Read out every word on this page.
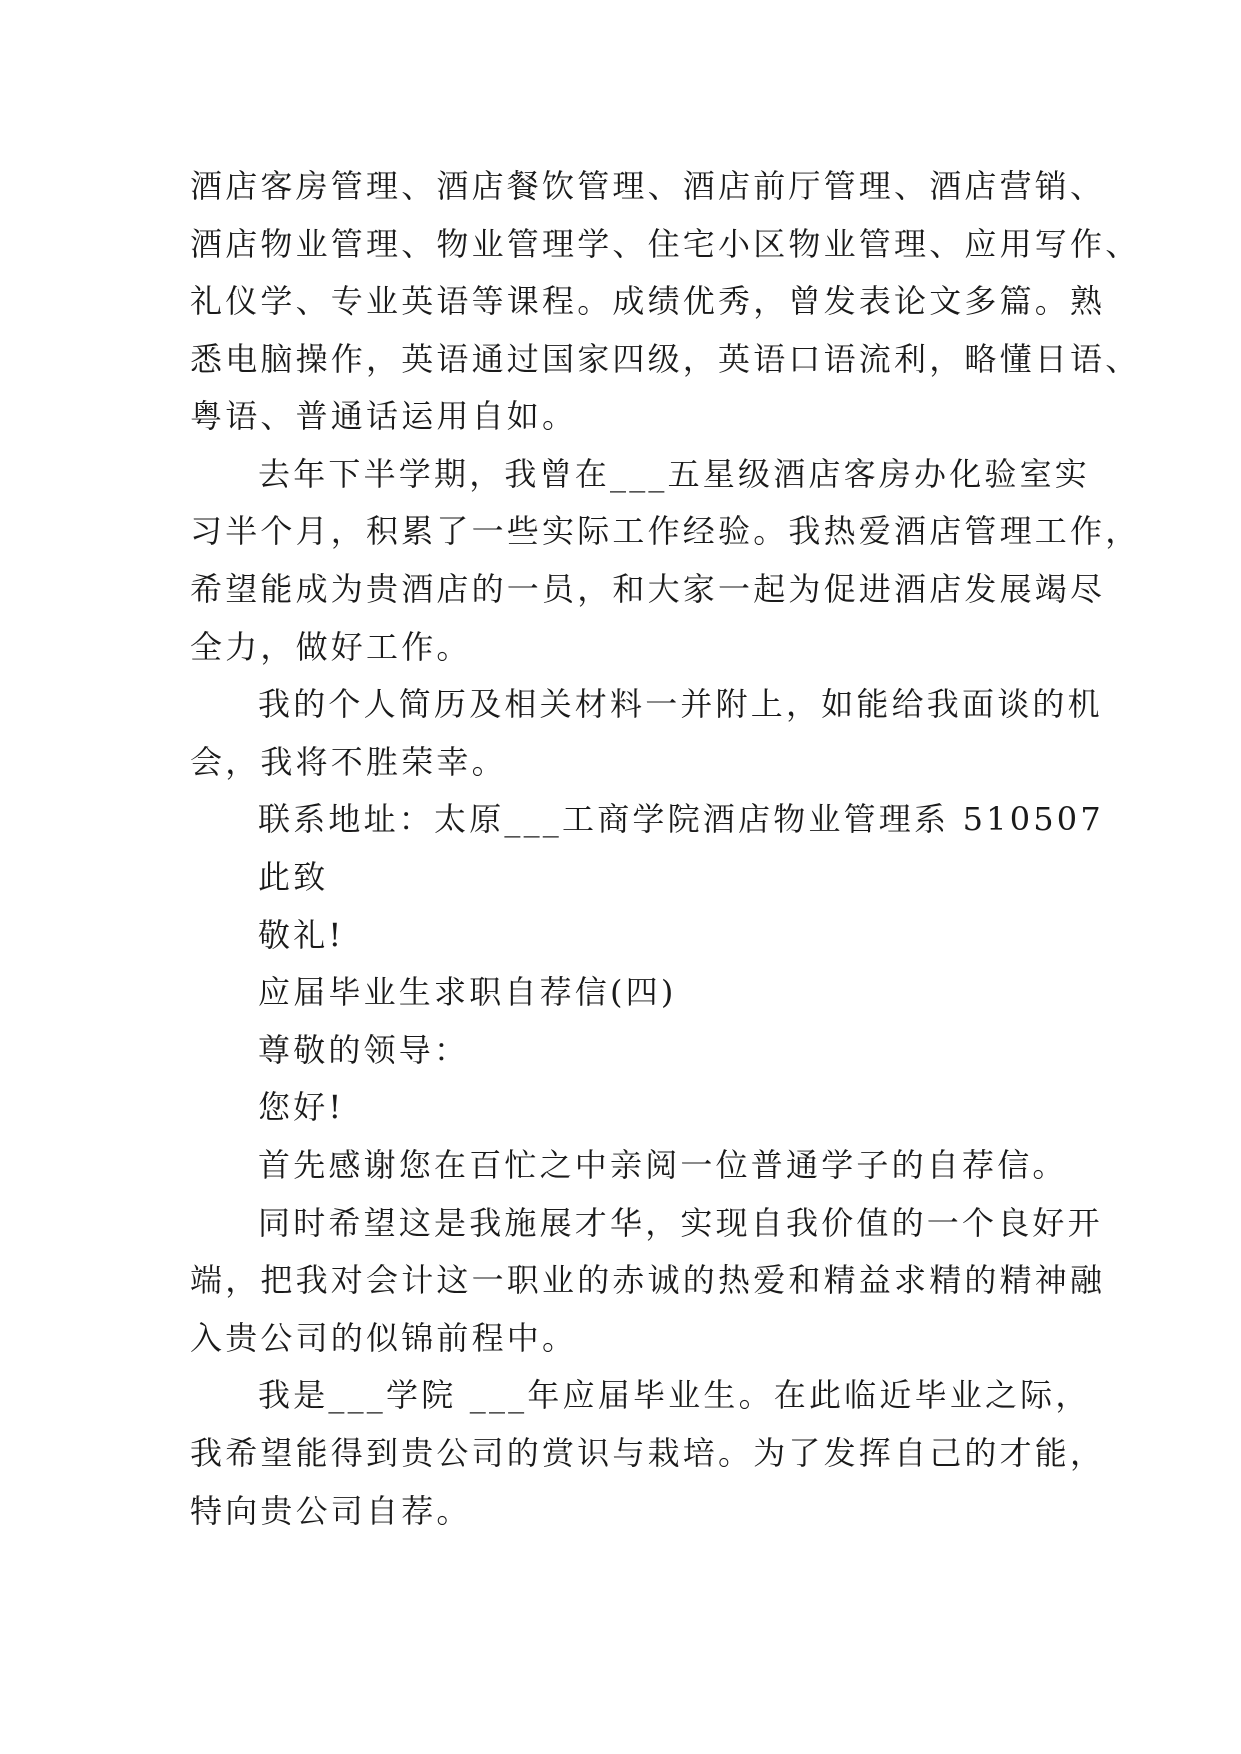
酒店客房管理、酒店餐饮管理、酒店前厅管理、酒店营销、
酒店物业管理、物业管理学、住宅小区物业管理、应用写作、
礼仪学、专业英语等课程。成绩优秀，曾发表论文多篇。熟
悉电脑操作，英语通过国家四级，英语口语流利，略懂日语、
粤语、普通话运用自如。
去年下半学期，我曾在___五星级酒店客房办化验室实
习半个月，积累了一些实际工作经验。我热爱酒店管理工作，
希望能成为贵酒店的一员，和大家一起为促进酒店发展竭尽
全力，做好工作。
我的个人简历及相关材料一并附上，如能给我面谈的机
会，我将不胜荣幸。
联系地址：太原___工商学院酒店物业管理系 510507
此致
敬礼!
应届毕业生求职自荐信(四)
尊敬的领导：
您好!
首先感谢您在百忙之中亲阅一位普通学子的自荐信。
同时希望这是我施展才华，实现自我价值的一个良好开
端，把我对会计这一职业的赤诚的热爱和精益求精的精神融
入贵公司的似锦前程中。
我是___学院 ___年应届毕业生。在此临近毕业之际，
我希望能得到贵公司的赏识与栽培。为了发挥自己的才能，
特向贵公司自荐。
